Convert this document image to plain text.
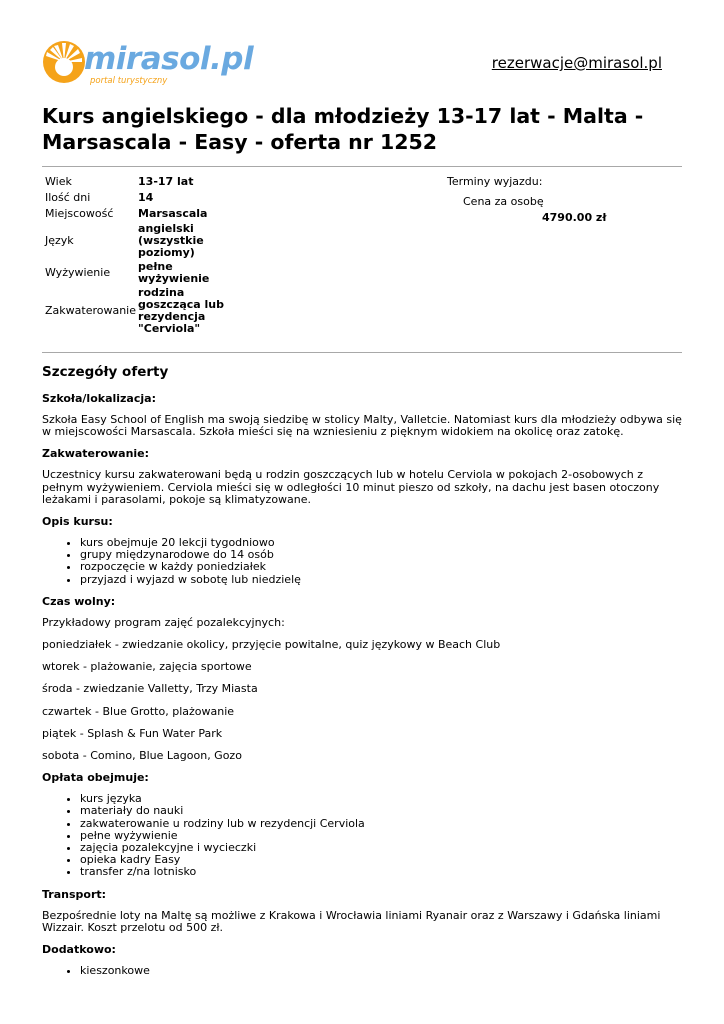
mirasol.pl
portal turystyczny
rezerwacje@mirasol.pl
Kurs angielskiego - dla młodzieży 13-17 lat - Malta - Marsascala - Easy - oferta nr 1252
Wiek	13-17 lat
Ilość dni	14
Miejscowość	Marsascala
Język	angielski (wszystkie poziomy)
Wyżywienie	pełne wyżywienie
Zakwaterowanie	rodzina goszcząca lub rezydencja "Cerviola"
Terminy wyjazdu:
Cena za osobę
4790.00 zł
Szczegóły oferty
Szkoła/lokalizacja:

Szkoła Easy School of English ma swoją siedzibę w stolicy Malty, Valletcie. Natomiast kurs dla młodzieży odbywa się w miejscowości Marsascala. Szkoła mieści się na wzniesieniu z pięknym widokiem na okolicę oraz zatokę.

Zakwaterowanie:

Uczestnicy kursu zakwaterowani będą u rodzin goszczących lub w hotelu Cerviola w pokojach 2-osobowych z pełnym wyżywieniem. Cerviola mieści się w odległości 10 minut pieszo od szkoły, na dachu jest basen otoczony leżakami i parasolami, pokoje są klimatyzowane.

Opis kursu:
• kurs obejmuje 20 lekcji tygodniowo
• grupy międzynarodowe do 14 osób
• rozpoczęcie w każdy poniedziałek
• przyjazd i wyjazd w sobotę lub niedzielę
Czas wolny:

Przykładowy program zajęć pozalekcyjnych:

poniedziałek - zwiedzanie okolicy, przyjęcie powitalne, quiz językowy w Beach Club

wtorek - plażowanie, zajęcia sportowe

środa - zwiedzanie Valletty, Trzy Miasta

czwartek - Blue Grotto, plażowanie

piątek - Splash & Fun Water Park

sobota - Comino, Blue Lagoon, Gozo

Opłata obejmuje:
• kurs języka
• materiały do nauki
• zakwaterowanie u rodziny lub w rezydencji Cerviola
• pełne wyżywienie
• zajęcia pozalekcyjne i wycieczki
• opieka kadry Easy
• transfer z/na lotnisko
Transport:

Bezpośrednie loty na Maltę są możliwe z Krakowa i Wrocławia liniami Ryanair oraz z Warszawy i Gdańska liniami Wizzair. Koszt przelotu od 500 zł.

Dodatkowo:
• kieszonkowe
